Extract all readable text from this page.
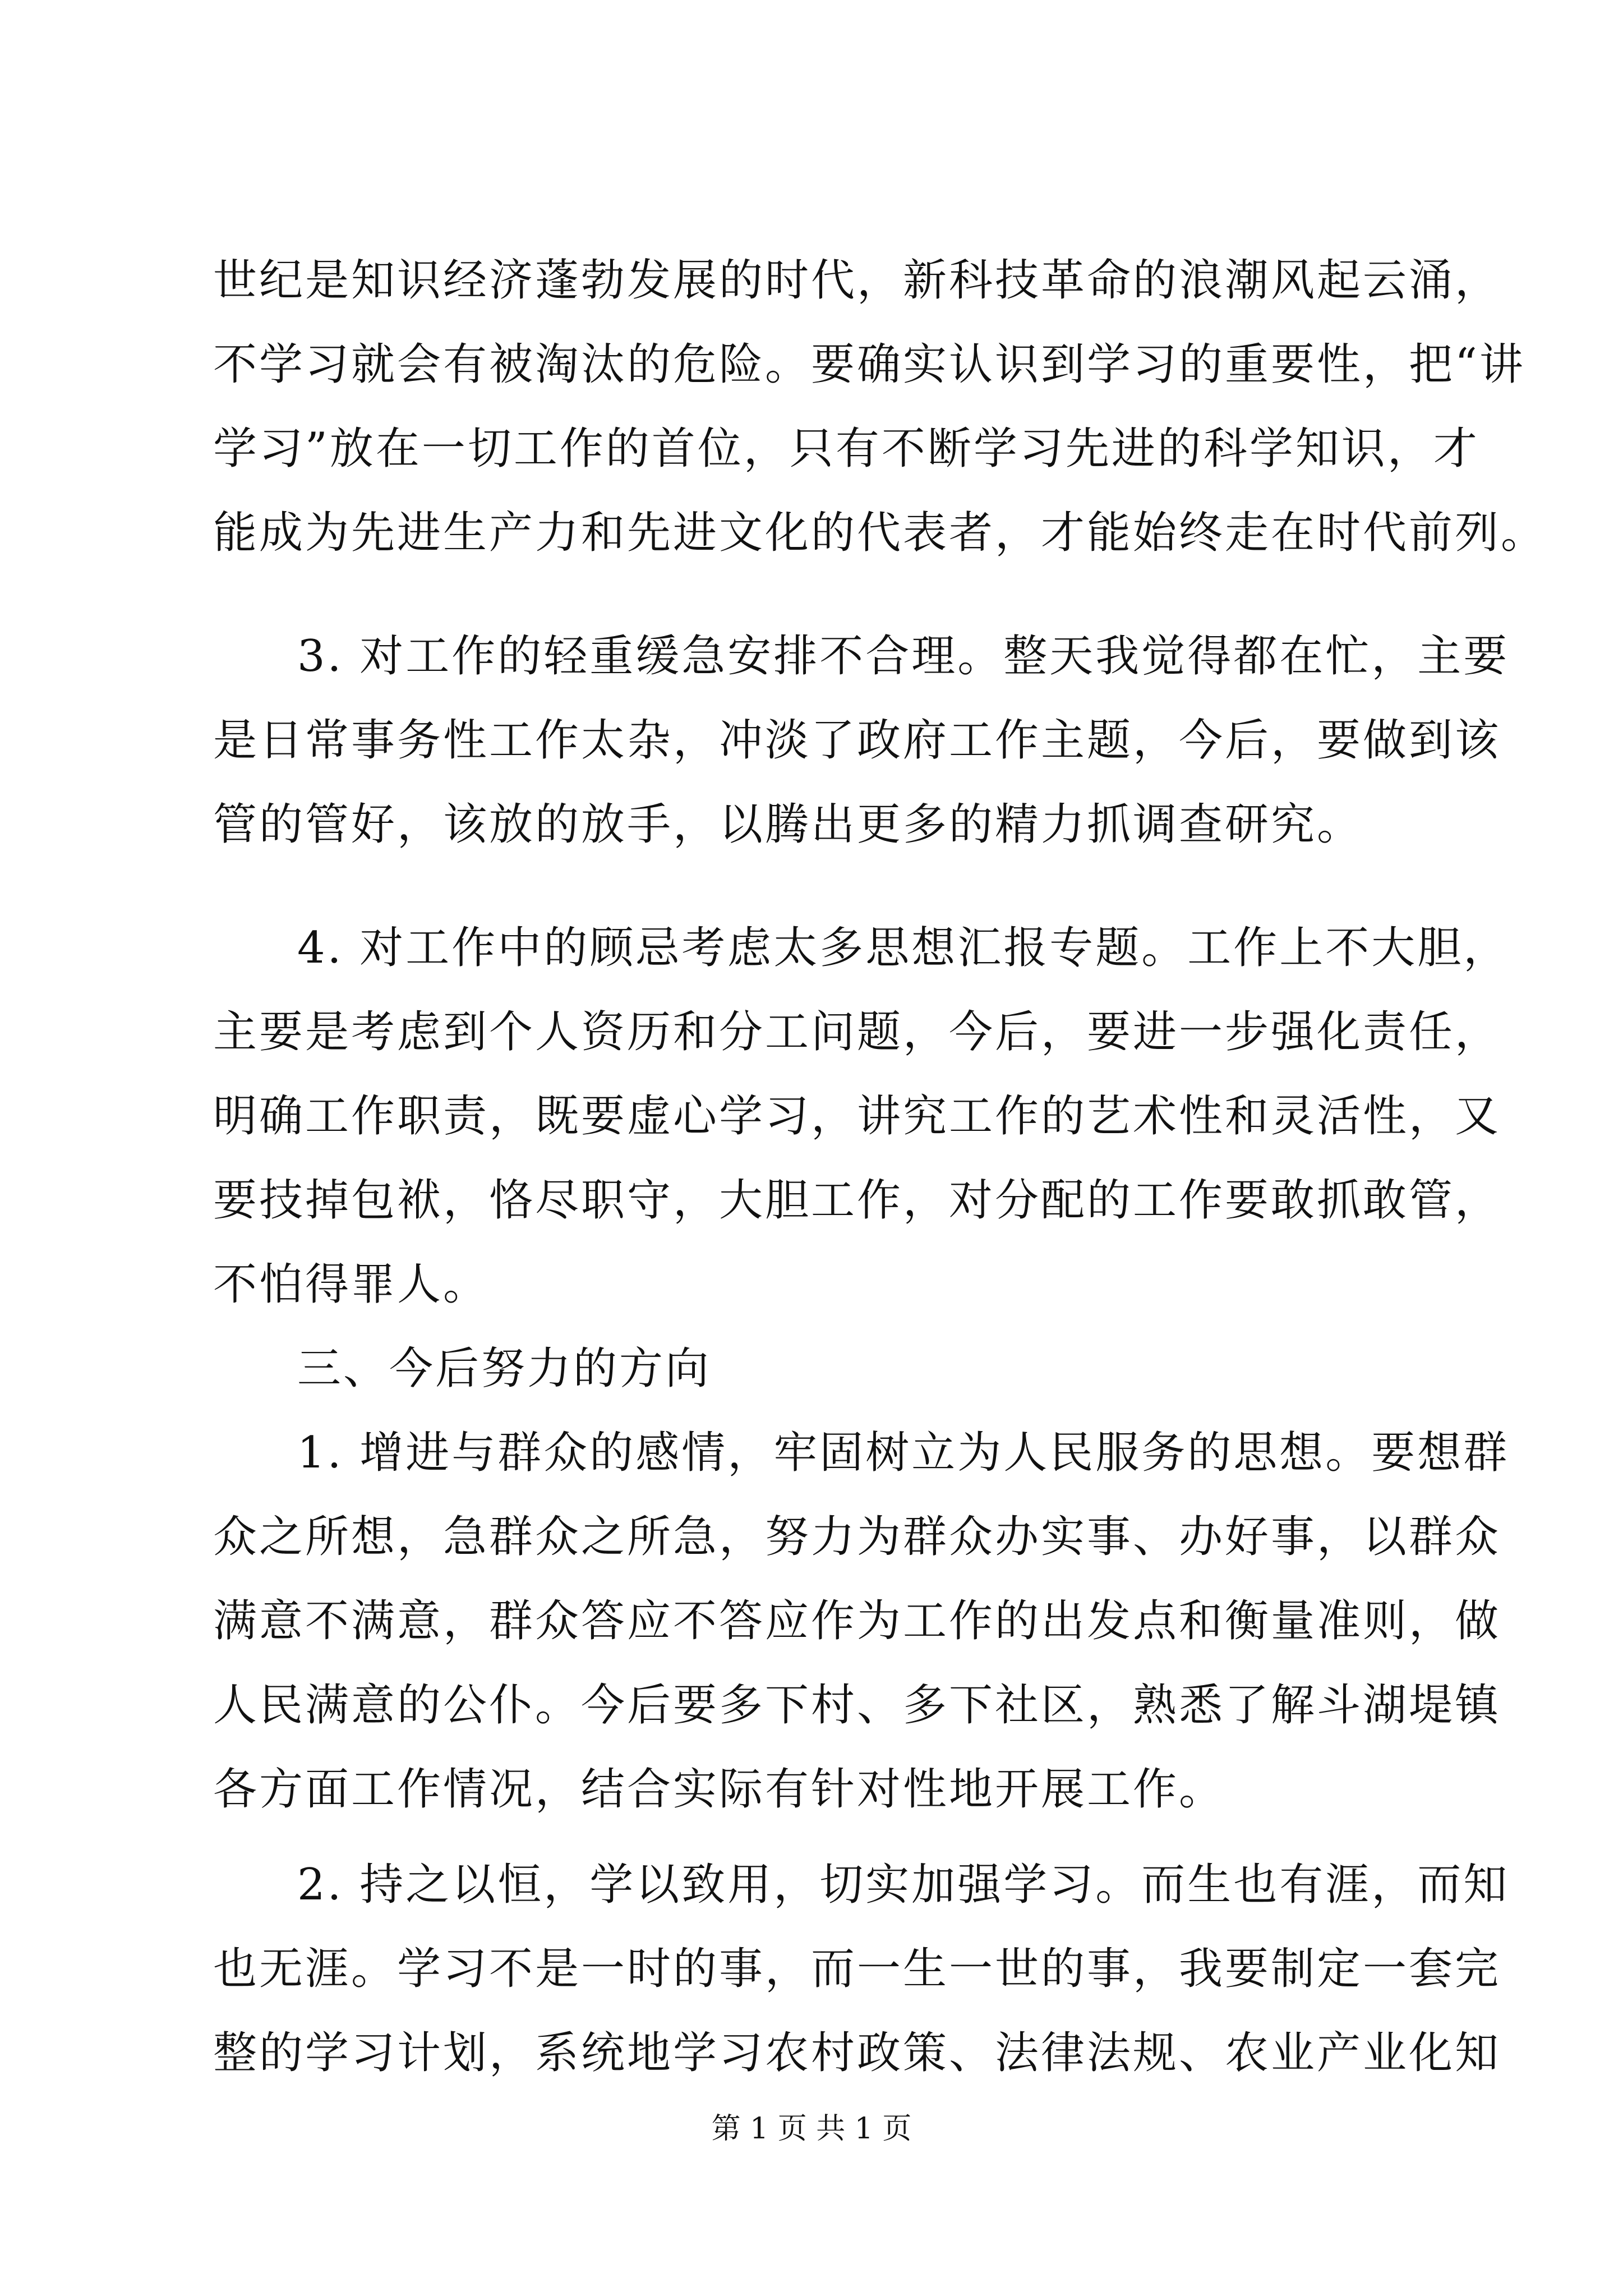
世纪是知识经济蓬勃发展的时代，新科技革命的浪潮风起云涌，
不学习就会有被淘汰的危险。要确实认识到学习的重要性，把“讲
学习”放在一切工作的首位，只有不断学习先进的科学知识，才
能成为先进生产力和先进文化的代表者，才能始终走在时代前列。
3. 对工作的轻重缓急安排不合理。整天我觉得都在忙，主要
是日常事务性工作太杂，冲淡了政府工作主题，今后，要做到该
管的管好，该放的放手，以腾出更多的精力抓调查研究。
4. 对工作中的顾忌考虑太多思想汇报专题。工作上不大胆，
主要是考虑到个人资历和分工问题，今后，要进一步强化责任，
明确工作职责，既要虚心学习，讲究工作的艺术性和灵活性，又
要技掉包袱，恪尽职守，大胆工作，对分配的工作要敢抓敢管，
不怕得罪人。
三、今后努力的方向
1. 增进与群众的感情，牢固树立为人民服务的思想。要想群
众之所想，急群众之所急，努力为群众办实事、办好事，以群众
满意不满意，群众答应不答应作为工作的出发点和衡量准则，做
人民满意的公仆。今后要多下村、多下社区，熟悉了解斗湖堤镇
各方面工作情况，结合实际有针对性地开展工作。
2. 持之以恒，学以致用，切实加强学习。而生也有涯，而知
也无涯。学习不是一时的事，而一生一世的事，我要制定一套完
整的学习计划，系统地学习农村政策、法律法规、农业产业化知
第 1 页 共 1 页
